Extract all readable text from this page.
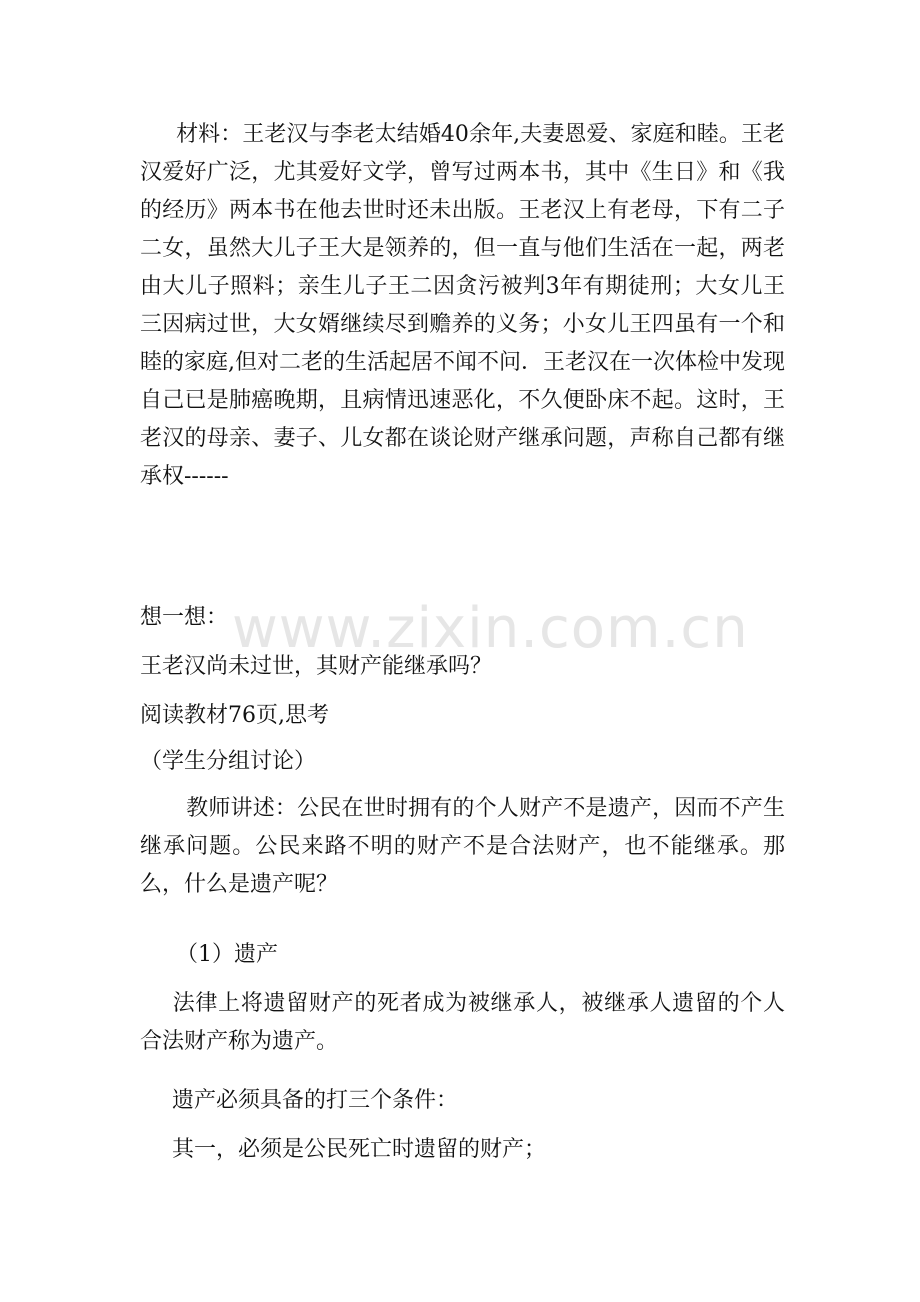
www.zixin.com.cn

材料：王老汉与李老太结婚40余年,夫妻恩爱、家庭和睦。王老汉爱好广泛，尤其爱好文学，曾写过两本书，其中《生日》和《我的经历》两本书在他去世时还未出版。王老汉上有老母，下有二子二女，虽然大儿子王大是领养的，但一直与他们生活在一起，两老由大儿子照料；亲生儿子王二因贪污被判3年有期徒刑；大女儿王三因病过世，大女婿继续尽到赡养的义务；小女儿王四虽有一个和睦的家庭,但对二老的生活起居不闻不问．王老汉在一次体检中发现自己已是肺癌晚期，且病情迅速恶化，不久便卧床不起。这时，王老汉的母亲、妻子、儿女都在谈论财产继承问题，声称自己都有继承权------

想一想：

王老汉尚未过世，其财产能继承吗？

阅读教材76页,思考

（学生分组讨论）

教师讲述：公民在世时拥有的个人财产不是遗产，因而不产生继承问题。公民来路不明的财产不是合法财产，也不能继承。那么，什么是遗产呢？

（1）遗产

法律上将遗留财产的死者成为被继承人，被继承人遗留的个人合法财产称为遗产。

遗产必须具备的打三个条件：

其一，必须是公民死亡时遗留的财产；
